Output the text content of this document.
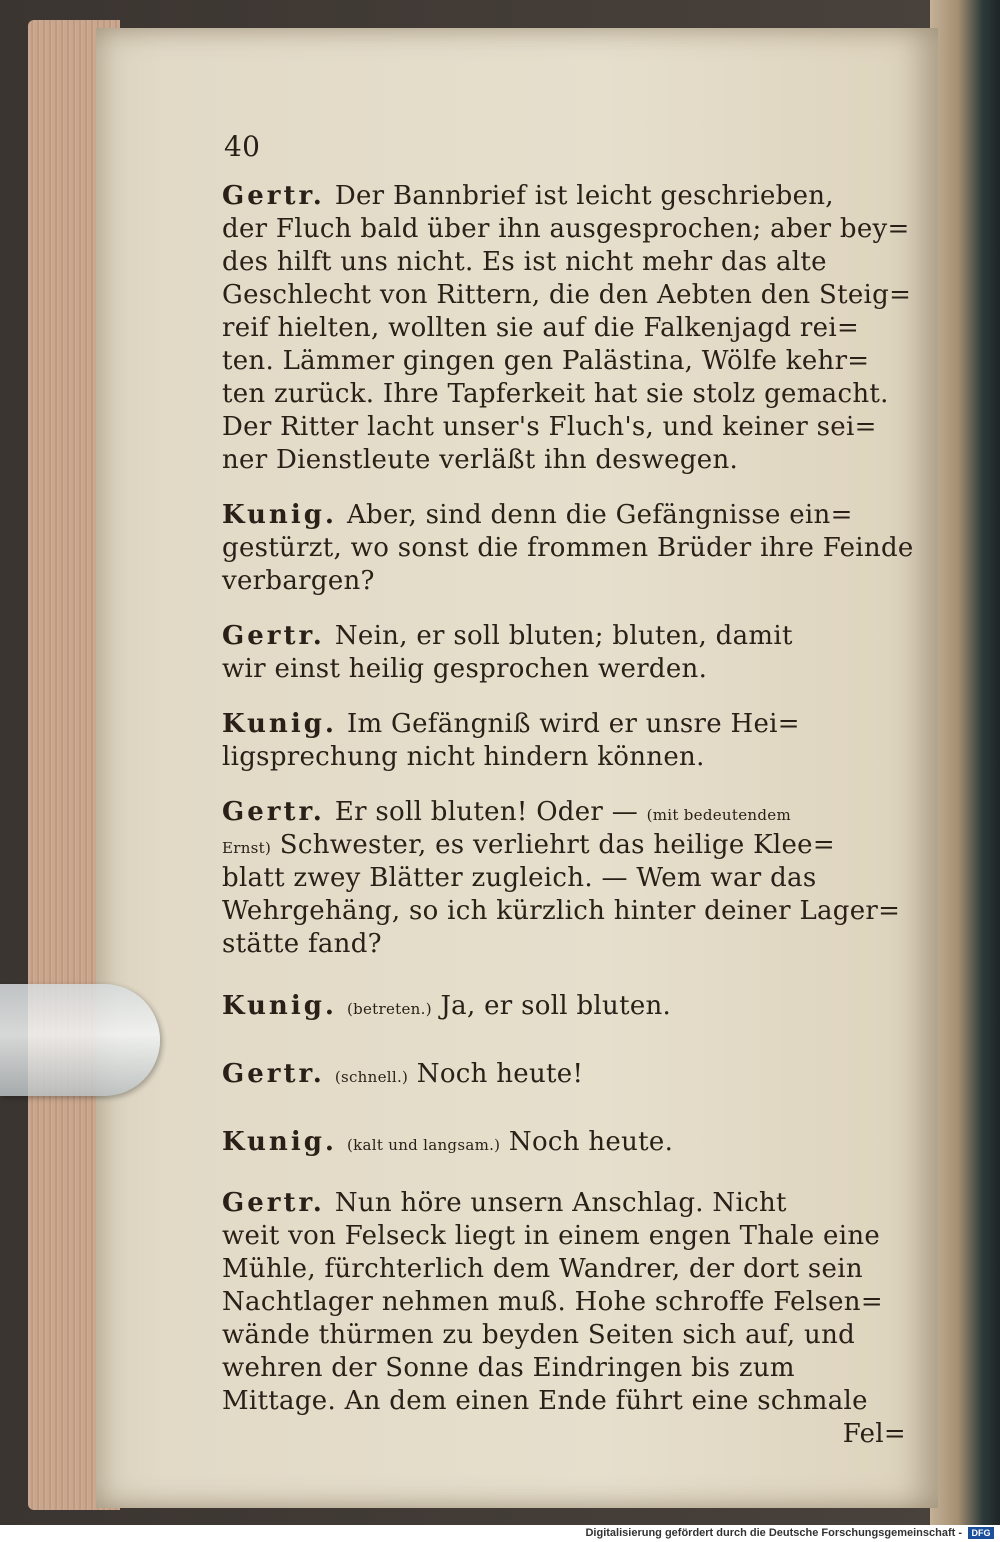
40
Gertr. Der Bannbrief ist leicht geschrieben,
der Fluch bald über ihn ausgesprochen; aber bey=
des hilft uns nicht. Es ist nicht mehr das alte
Geschlecht von Rittern, die den Aebten den Steig=
reif hielten, wollten sie auf die Falkenjagd rei=
ten. Lämmer gingen gen Palästina, Wölfe kehr=
ten zurück. Ihre Tapferkeit hat sie stolz gemacht.
Der Ritter lacht unser's Fluch's, und keiner sei=
ner Dienstleute verläßt ihn deswegen.
Kunig. Aber, sind denn die Gefängnisse ein=
gestürzt, wo sonst die frommen Brüder ihre Feinde
verbargen?
Gertr. Nein, er soll bluten; bluten, damit
wir einst heilig gesprochen werden.
Kunig. Im Gefängniß wird er unsre Hei=
ligsprechung nicht hindern können.
Gertr. Er soll bluten! Oder — (mit bedeutendem
Ernst) Schwester, es verliehrt das heilige Klee=
blatt zwey Blätter zugleich. — Wem war das
Wehrgehäng, so ich kürzlich hinter deiner Lager=
stätte fand?
Kunig. (betreten.) Ja, er soll bluten.
Gertr. (schnell.) Noch heute!
Kunig. (kalt und langsam.) Noch heute.
Gertr. Nun höre unsern Anschlag. Nicht
weit von Felseck liegt in einem engen Thale eine
Mühle, fürchterlich dem Wandrer, der dort sein
Nachtlager nehmen muß. Hohe schroffe Felsen=
wände thürmen zu beyden Seiten sich auf, und
wehren der Sonne das Eindringen bis zum
Mittage. An dem einen Ende führt eine schmale
Fel=
Digitalisierung gefördert durch die Deutsche Forschungsgemeinschaft - DFG
